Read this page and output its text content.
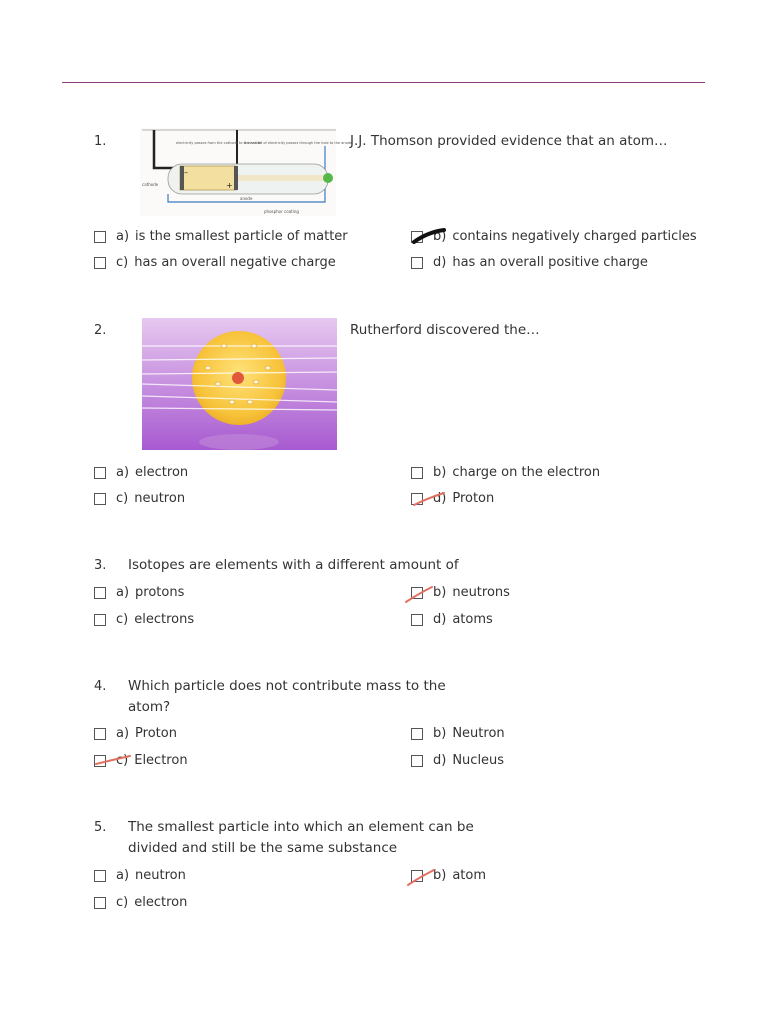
1.
–
+
electricity passes from the cathode to the anode
a small bit of electricity passes through the hole to the anode
cathode
anode
phosphor coating
J.J. Thomson provided evidence that an atom…
a) is the smallest particle of matter	b) contains negatively charged particles
c) has an overall negative charge	d) has an overall positive charge
2.	Rutherford discovered the…
a) electron	b) charge on the electron
c) neutron	d) Proton
3. Isotopes are elements with a different amount of
a) protons	b) neutrons
c) electrons	d) atoms
4. Which particle does not contribute mass to the
atom?
a) Proton	b) Neutron
c) Electron	d) Nucleus
5. The smallest particle into which an element can be
divided and still be the same substance
a) neutron	b) atom
c) electron
